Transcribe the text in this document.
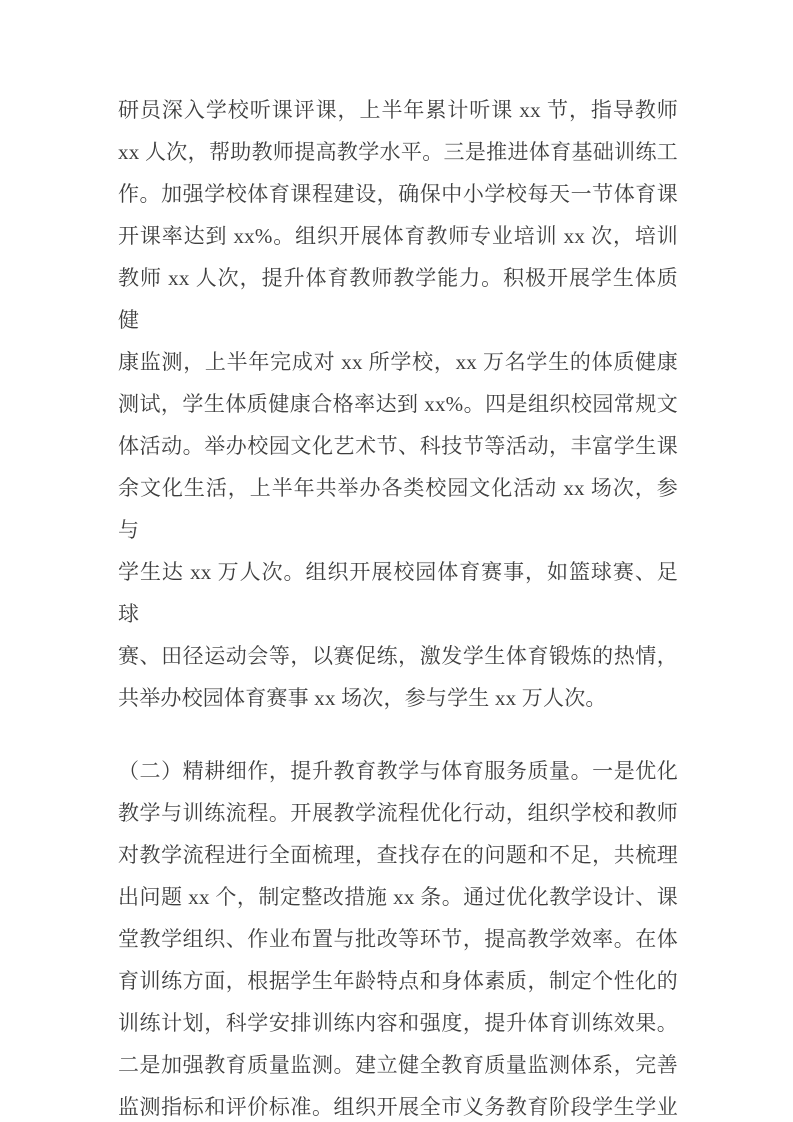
研员深入学校听课评课，上半年累计听课 xx 节，指导教师
xx 人次，帮助教师提高教学水平。三是推进体育基础训练工
作。加强学校体育课程建设，确保中小学校每天一节体育课
开课率达到 xx%。组织开展体育教师专业培训 xx 次，培训
教师 xx 人次，提升体育教师教学能力。积极开展学生体质健
康监测，上半年完成对 xx 所学校，xx 万名学生的体质健康
测试，学生体质健康合格率达到 xx%。四是组织校园常规文
体活动。举办校园文化艺术节、科技节等活动，丰富学生课
余文化生活，上半年共举办各类校园文化活动 xx 场次，参与
学生达 xx 万人次。组织开展校园体育赛事，如篮球赛、足球
赛、田径运动会等，以赛促练，激发学生体育锻炼的热情，
共举办校园体育赛事 xx 场次，参与学生 xx 万人次。
（二）精耕细作，提升教育教学与体育服务质量。一是优化
教学与训练流程。开展教学流程优化行动，组织学校和教师
对教学流程进行全面梳理，查找存在的问题和不足，共梳理
出问题 xx 个，制定整改措施 xx 条。通过优化教学设计、课
堂教学组织、作业布置与批改等环节，提高教学效率。在体
育训练方面，根据学生年龄特点和身体素质，制定个性化的
训练计划，科学安排训练内容和强度，提升体育训练效果。
二是加强教育质量监测。建立健全教育质量监测体系，完善
监测指标和评价标准。组织开展全市义务教育阶段学生学业
